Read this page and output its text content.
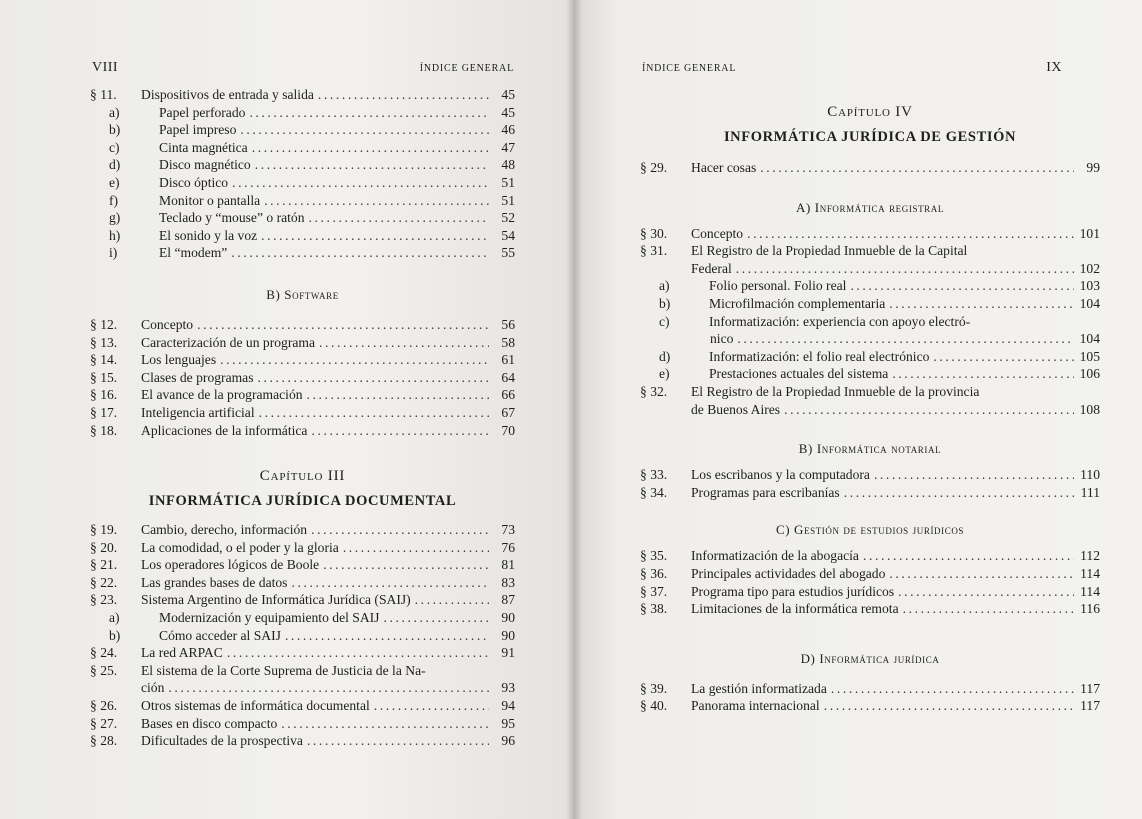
VIII	ÍNDICE GENERAL
§ 11.	Dispositivos de entrada y salida .....	45
a)	Papel perforado .....	45
b)	Papel impreso .....	46
c)	Cinta magnética .....	47
d)	Disco magnético .....	48
e)	Disco óptico .....	51
f)	Monitor o pantalla .....	51
g)	Teclado y “mouse” o ratón .....	52
h)	El sonido y la voz .....	54
i)	El “modem” .....	55
B) Software
§ 12.	Concepto .....	56
§ 13.	Caracterización de un programa .....	58
§ 14.	Los lenguajes .....	61
§ 15.	Clases de programas .....	64
§ 16.	El avance de la programación .....	66
§ 17.	Inteligencia artificial .....	67
§ 18.	Aplicaciones de la informática .....	70
Capítulo III
INFORMÁTICA JURÍDICA DOCUMENTAL
§ 19.	Cambio, derecho, información .....	73
§ 20.	La comodidad, o el poder y la gloria .....	76
§ 21.	Los operadores lógicos de Boole .....	81
§ 22.	Las grandes bases de datos .....	83
§ 23.	Sistema Argentino de Informática Jurídica (SAIJ) .....	87
a)	Modernización y equipamiento del SAIJ .....	90
b)	Cómo acceder al SAIJ .....	90
§ 24.	La red ARPAC .....	91
§ 25.	El sistema de la Corte Suprema de Justicia de la Na-
ción .....	93
§ 26.	Otros sistemas de informática documental .....	94
§ 27.	Bases en disco compacto .....	95
§ 28.	Dificultades de la prospectiva .....	96
ÍNDICE GENERAL	IX
Capítulo IV
INFORMÁTICA JURÍDICA DE GESTIÓN
§ 29.	Hacer cosas .....	99
A) Informática registral
§ 30.	Concepto .....	101
§ 31.	El Registro de la Propiedad Inmueble de la Capital
Federal .....	102
a)	Folio personal. Folio real .....	103
b)	Microfilmación complementaria .....	104
c)	Informatización: experiencia con apoyo electró-
nico .....	104
d)	Informatización: el folio real electrónico .....	105
e)	Prestaciones actuales del sistema .....	106
§ 32.	El Registro de la Propiedad Inmueble de la provincia
de Buenos Aires .....	108
B) Informática notarial
§ 33.	Los escribanos y la computadora .....	110
§ 34.	Programas para escribanías .....	111
C) Gestión de estudios jurídicos
§ 35.	Informatización de la abogacía .....	112
§ 36.	Principales actividades del abogado .....	114
§ 37.	Programa tipo para estudios jurídicos .....	114
§ 38.	Limitaciones de la informática remota .....	116
D) Informática jurídica
§ 39.	La gestión informatizada .....	117
§ 40.	Panorama internacional .....	117
